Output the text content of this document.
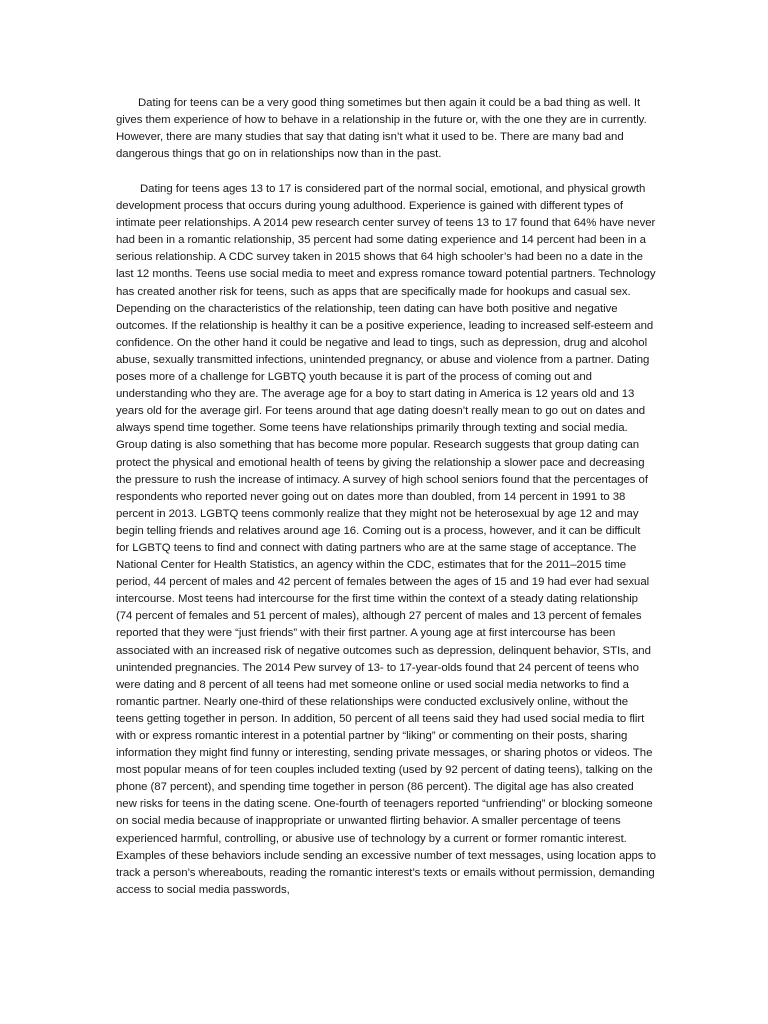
Dating for teens can be a very good thing sometimes but then again it could be a bad thing as well. It gives them experience of how to behave in a relationship in the future or, with the one they are in currently. However, there are many studies that say that dating isn’t what it used to be. There are many bad and dangerous things that go on in relationships now than in the past.

Dating for teens ages 13 to 17 is considered part of the normal social, emotional, and physical growth development process that occurs during young adulthood. Experience is gained with different types of intimate peer relationships. A 2014 pew research center survey of teens 13 to 17 found that 64% have never had been in a romantic relationship, 35 percent had some dating experience and 14 percent had been in a serious relationship. A CDC survey taken in 2015 shows that 64 high schooler’s had been no a date in the last 12 months. Teens use social media to meet and express romance toward potential partners. Technology has created another risk for teens, such as apps that are specifically made for hookups and casual sex. Depending on the characteristics of the relationship, teen dating can have both positive and negative outcomes. If the relationship is healthy it can be a positive experience, leading to increased self-esteem and confidence. On the other hand it could be negative and lead to tings, such as depression, drug and alcohol abuse, sexually transmitted infections, unintended pregnancy, or abuse and violence from a partner. Dating poses more of a challenge for LGBTQ youth because it is part of the process of coming out and understanding who they are. The average age for a boy to start dating in America is 12 years old and 13 years old for the average girl. For teens around that age dating doesn’t really mean to go out on dates and always spend time together. Some teens have relationships primarily through texting and social media. Group dating is also something that has become more popular. Research suggests that group dating can protect the physical and emotional health of teens by giving the relationship a slower pace and decreasing the pressure to rush the increase of intimacy. A survey of high school seniors found that the percentages of respondents who reported never going out on dates more than doubled, from 14 percent in 1991 to 38 percent in 2013. LGBTQ teens commonly realize that they might not be heterosexual by age 12 and may begin telling friends and relatives around age 16. Coming out is a process, however, and it can be difficult for LGBTQ teens to find and connect with dating partners who are at the same stage of acceptance. The National Center for Health Statistics, an agency within the CDC, estimates that for the 2011–2015 time period, 44 percent of males and 42 percent of females between the ages of 15 and 19 had ever had sexual intercourse. Most teens had intercourse for the first time within the context of a steady dating relationship (74 percent of females and 51 percent of males), although 27 percent of males and 13 percent of females reported that they were “just friends” with their first partner. A young age at first intercourse has been associated with an increased risk of negative outcomes such as depression, delinquent behavior, STIs, and unintended pregnancies. The 2014 Pew survey of 13- to 17-year-olds found that 24 percent of teens who were dating and 8 percent of all teens had met someone online or used social media networks to find a romantic partner. Nearly one-third of these relationships were conducted exclusively online, without the teens getting together in person. In addition, 50 percent of all teens said they had used social media to flirt with or express romantic interest in a potential partner by “liking” or commenting on their posts, sharing information they might find funny or interesting, sending private messages, or sharing photos or videos. The most popular means of for teen couples included texting (used by 92 percent of dating teens), talking on the phone (87 percent), and spending time together in person (86 percent). The digital age has also created new risks for teens in the dating scene. One-fourth of teenagers reported “unfriending” or blocking someone on social media because of inappropriate or unwanted flirting behavior. A smaller percentage of teens experienced harmful, controlling, or abusive use of technology by a current or former romantic interest. Examples of these behaviors include sending an excessive number of text messages, using location apps to track a person’s whereabouts, reading the romantic interest’s texts or emails without permission, demanding access to social media passwords,
